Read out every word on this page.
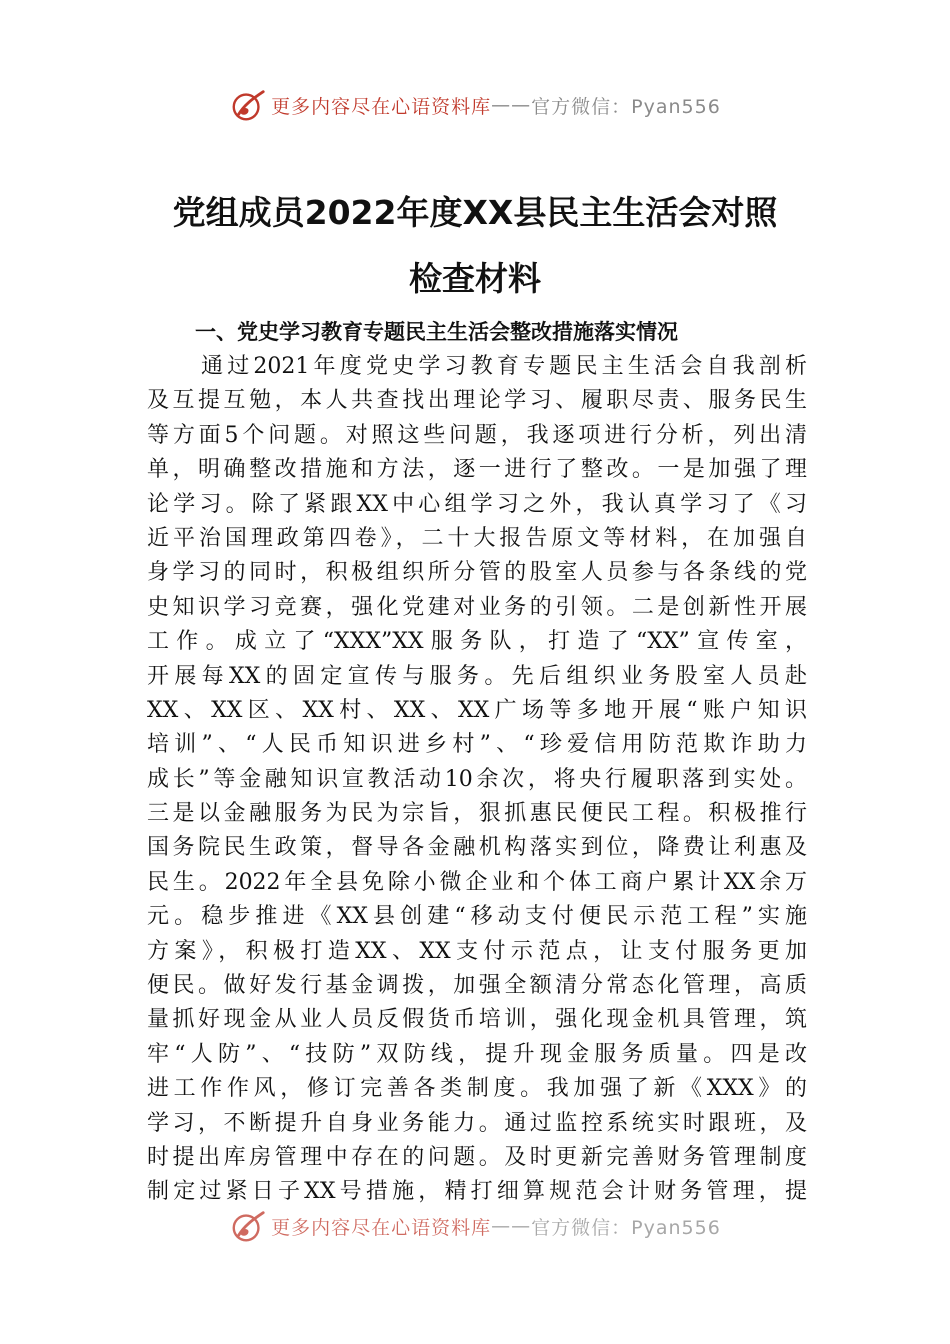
更多内容尽在心语资料库 —— 官方微信：Pyan556
党组成员2022年度XX县民主生活会对照
检查材料
一、党史学习教育专题民主生活会整改措施落实情况
通过2021年度党史学习教育专题民主生活会自我剖析
及互提互勉，本人共查找出理论学习、履职尽责、服务民生
等方面5个问题。对照这些问题，我逐项进行分析，列出清
单，明确整改措施和方法，逐一进行了整改。一是加强了理
论学习。除了紧跟XX中心组学习之外，我认真学习了《习
近平治国理政第四卷》，二十大报告原文等材料，在加强自
身学习的同时，积极组织所分管的股室人员参与各条线的党
史知识学习竞赛，强化党建对业务的引领。二是创新性开展
工作。成立了“XXX”XX服务队，打造了“XX”宣传室，
开展每XX的固定宣传与服务。先后组织业务股室人员赴
XX、XX区、XX村、XX、XX广场等多地开展“账户知识
培训”、“人民币知识进乡村”、“珍爱信用防范欺诈助力
成长”等金融知识宣教活动10余次，将央行履职落到实处。
三是以金融服务为民为宗旨，狠抓惠民便民工程。积极推行
国务院民生政策，督导各金融机构落实到位，降费让利惠及
民生。2022年全县免除小微企业和个体工商户累计XX余万
元。稳步推进《XX县创建“移动支付便民示范工程”实施
方案》，积极打造XX、XX支付示范点，让支付服务更加
便民。做好发行基金调拨，加强全额清分常态化管理，高质
量抓好现金从业人员反假货币培训，强化现金机具管理，筑
牢“人防”、“技防”双防线，提升现金服务质量。四是改
进工作作风，修订完善各类制度。我加强了新《XXX》的
学习，不断提升自身业务能力。通过监控系统实时跟班，及
时提出库房管理中存在的问题。及时更新完善财务管理制度
制定过紧日子XX号措施，精打细算规范会计财务管理，提
更多内容尽在心语资料库 —— 官方微信：Pyan556
